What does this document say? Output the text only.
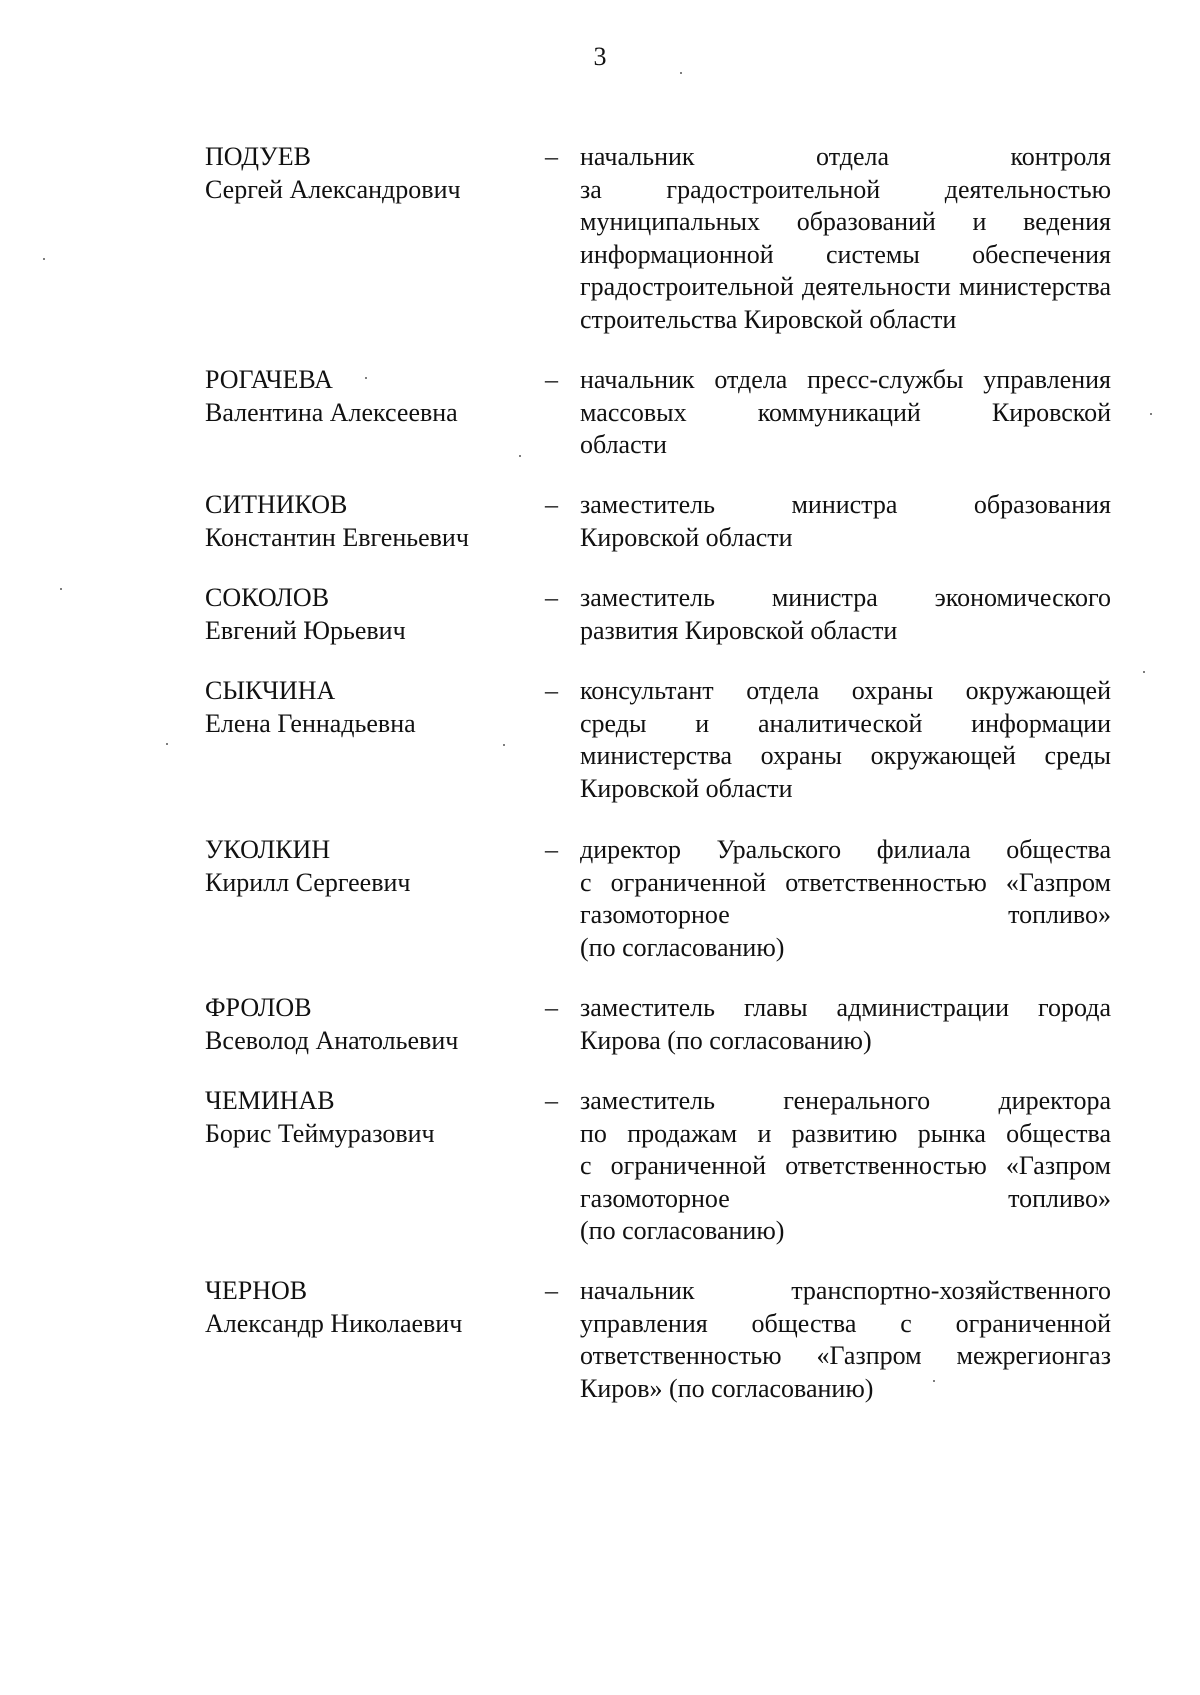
3
ПОДУЕВ
Сергей Александрович
– начальник отдела контроля
за градостроительной деятельностью
муниципальных образований и ведения
информационной системы обеспечения
градостроительной деятельности министерства
строительства Кировской области
РОГАЧЕВА
Валентина Алексеевна
– начальник отдела пресс-службы управления
массовых коммуникаций Кировской
области
СИТНИКОВ
Константин Евгеньевич
– заместитель министра образования
Кировской области
СОКОЛОВ
Евгений Юрьевич
– заместитель министра экономического
развития Кировской области
СЫКЧИНА
Елена Геннадьевна
– консультант отдела охраны окружающей
среды и аналитической информации
министерства охраны окружающей среды
Кировской области
УКОЛКИН
Кирилл Сергеевич
– директор Уральского филиала общества
с ограниченной ответственностью «Газпром
газомоторное топливо»
(по согласованию)
ФРОЛОВ
Всеволод Анатольевич
– заместитель главы администрации города
Кирова (по согласованию)
ЧЕМИНАВ
Борис Теймуразович
– заместитель генерального директора
по продажам и развитию рынка общества
с ограниченной ответственностью «Газпром
газомоторное топливо»
(по согласованию)
ЧЕРНОВ
Александр Николаевич
– начальник транспортно-хозяйственного
управления общества с ограниченной
ответственностью «Газпром межрегионгаз
Киров» (по согласованию)
